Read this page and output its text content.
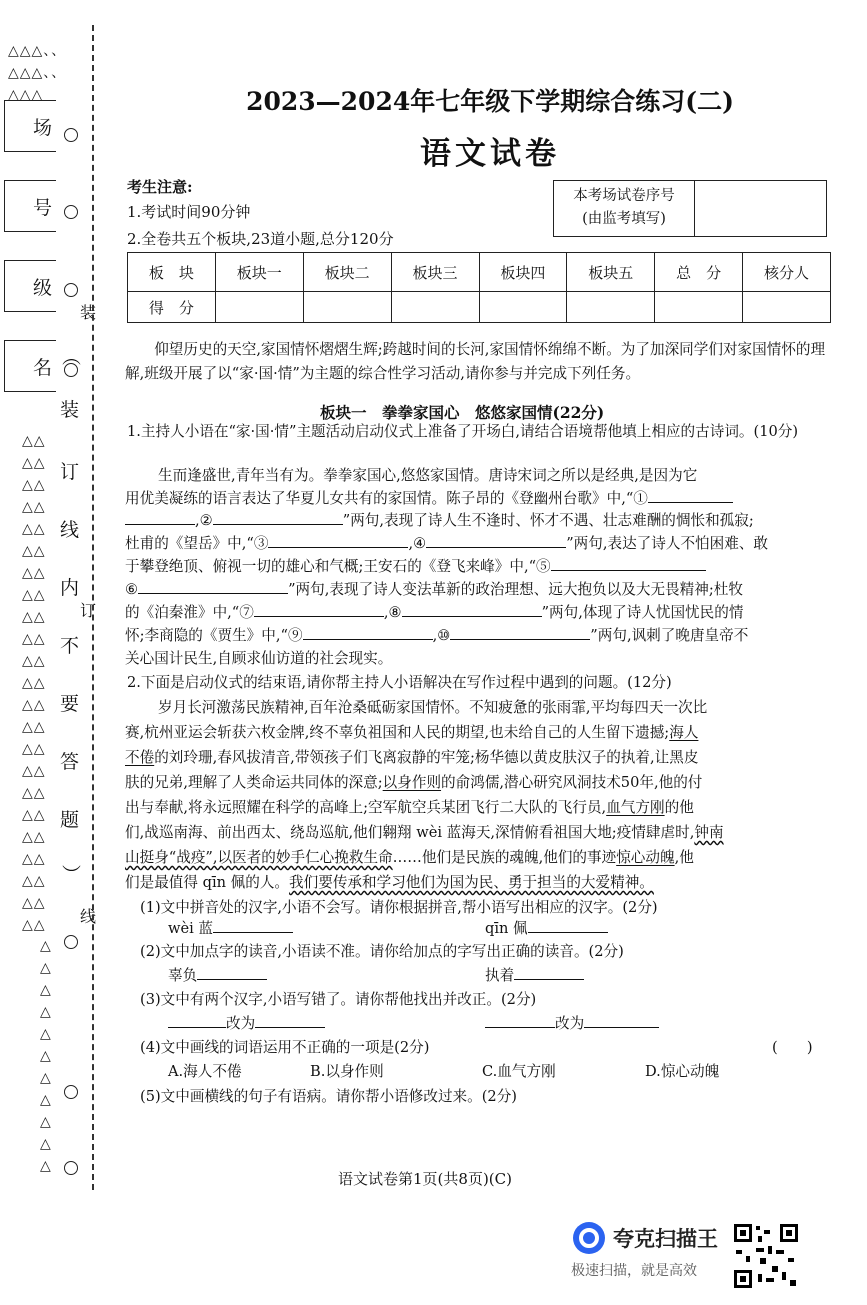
△△△、、
△△△、、
△△△
场
号
级
名
△△
△△
△△
△△
△△
△△
△△
△△
△△
△△
△△
△△
△△
△△
△△
△△
△△
△△
△△
△△
△△
△△
△△
△
△
△
△
△
△
△
△
△
△
△
︵
装
订
线
内
不
要
答
题
︶
装
订
线
2023—2024年七年级下学期综合练习(二)
语文试卷
考生注意:
1.考试时间90分钟
2.全卷共五个板块,23道小题,总分120分
本考场试卷序号
(由监考填写)
板　块	板块一	板块二	板块三	板块四	板块五	总　分	核分人
得　分							
仰望历史的天空,家国情怀熠熠生辉;跨越时间的长河,家国情怀绵绵不断。为了加深同学们对家国情怀的理解,班级开展了以“家·国·情”为主题的综合性学习活动,请你参与并完成下列任务。
板块一　拳拳家国心　悠悠家国情(22分)
1.主持人小语在“家·国·情”主题活动启动仪式上准备了开场白,请结合语境帮他填上相应的古诗词。(10分)
生而逢盛世,青年当有为。拳拳家国心,悠悠家国情。唐诗宋词之所以是经典,是因为它
用优美凝练的语言表达了华夏儿女共有的家国情。陈子昂的《登幽州台歌》中,“①
,②	”两句,表现了诗人生不逢时、怀才不遇、壮志难酬的惆怅和孤寂;
杜甫的《望岳》中,“③	,④	”两句,表达了诗人不怕困难、敢
于攀登绝顶、俯视一切的雄心和气概;王安石的《登飞来峰》中,“⑤
⑥	”两句,表现了诗人变法革新的政治理想、远大抱负以及大无畏精神;杜牧
的《泊秦淮》中,“⑦	,⑧	”两句,体现了诗人忧国忧民的情
怀;李商隐的《贾生》中,“⑨	,⑩	”两句,讽刺了晚唐皇帝不
关心国计民生,自顾求仙访道的社会现实。
2.下面是启动仪式的结束语,请你帮主持人小语解决在写作过程中遇到的问题。(12分)
岁月长河激荡民族精神,百年沧桑砥砺家国情怀。不知疲惫的张雨霏,平均每四天一次比
赛,杭州亚运会斩获六枚金牌,终不辜负祖国和人民的期望,也未给自己的人生留下遗撼;海人
不倦的刘玲珊,春风拔清音,带领孩子们飞离寂静的牢笼;杨华德以黄皮肤汉子的执着,让黑皮
肤的兄弟,理解了人类命运共同体的深意;以身作则的俞鸿儒,潜心研究风洞技术50年,他的付
出与奉献,将永远照耀在科学的高峰上;空军航空兵某团飞行二大队的飞行员,血气方刚的他
们,战巡南海、前出西太、绕岛巡航,他们翱翔 wèi 蓝海天,深情俯看祖国大地;疫情肆虐时,钟南
山挺身“战疫”,以医者的妙手仁心挽救生命……他们是民族的魂魄,他们的事迹惊心动魄,他
们是最值得 qīn 佩的人。我们要传承和学习他们为国为民、勇于担当的大爱精神。
(1)文中拼音处的汉字,小语不会写。请你根据拼音,帮小语写出相应的汉字。(2分)
wèi 蓝	qīn 佩
(2)文中加点字的读音,小语读不准。请你给加点的字写出正确的读音。(2分)
辜负	执着
(3)文中有两个汉字,小语写错了。请你帮他找出并改正。(2分)
改为	改为
(4)文中画线的词语运用不正确的一项是(2分)	(　　)
A.海人不倦	B.以身作则	C.血气方刚	D.惊心动魄
(5)文中画横线的句子有语病。请你帮小语修改过来。(2分)
语文试卷第1页(共8页)(C)
夸克扫描王
极速扫描，就是高效
